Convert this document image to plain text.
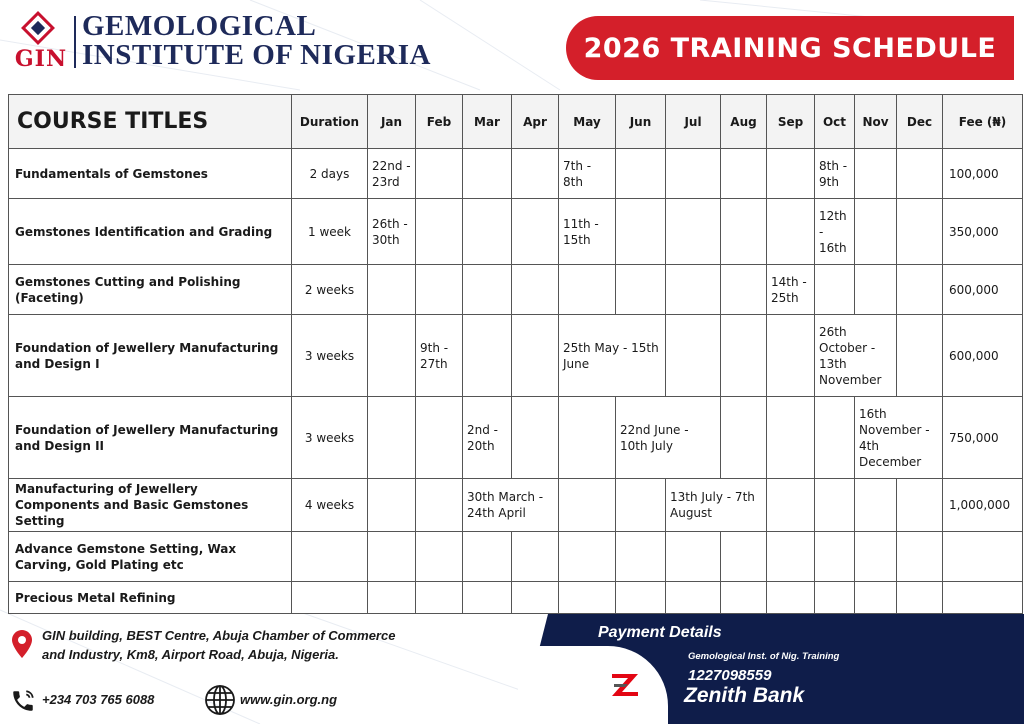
GIN
GEMOLOGICAL
INSTITUTE OF NIGERIA	2026 TRAINING SCHEDULE
COURSE TITLES	Duration	Jan	Feb	Mar	Apr	May	Jun	Jul	Aug	Sep	Oct	Nov	Dec	Fee (₦)
Fundamentals of Gemstones	2 days	22nd - 23rd				7th - 8th					8th - 9th			100,000
Gemstones Identification and Grading	1 week	26th - 30th				11th - 15th					12th - 16th			350,000
Gemstones Cutting and Polishing (Faceting)	2 weeks									14th - 25th				600,000
Foundation of Jewellery Manufacturing and Design I	3 weeks		9th - 27th			25th May - 15th June					26th October - 13th November			600,000
Foundation of Jewellery Manufacturing and Design II	3 weeks			2nd - 20th			22nd June - 10th July					16th November - 4th December		750,000
Manufacturing of Jewellery Components and Basic Gemstones Setting	4 weeks			30th March - 24th April				13th July - 7th August						1,000,000
Advance Gemstone Setting, Wax Carving, Gold Plating etc														
Precious Metal Refining														
GIN building, BEST Centre, Abuja Chamber of Commerce
and Industry, Km8, Airport Road, Abuja, Nigeria.
+234 703 765 6088	www.gin.org.ng
Payment Details
Gemological Inst. of Nig. Training
1227098559
Zenith Bank
